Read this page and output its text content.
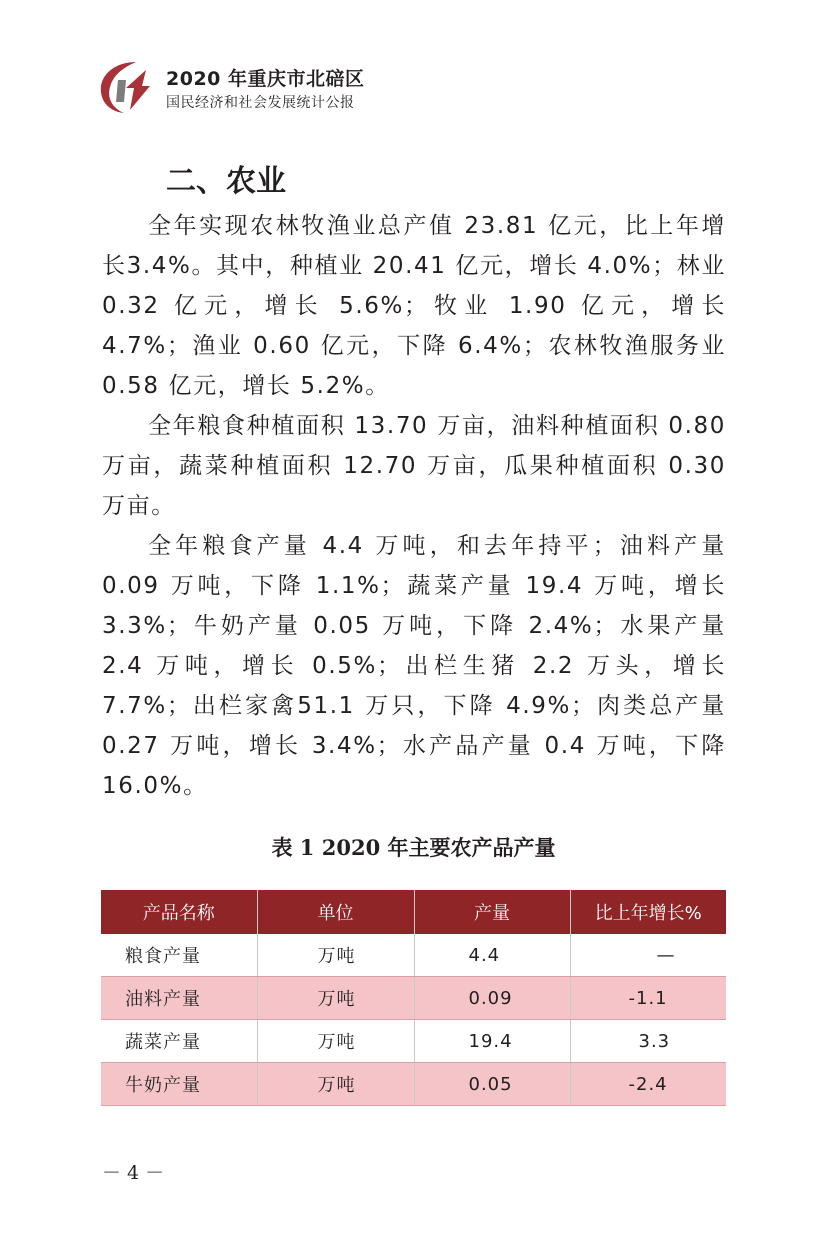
2020 年重庆市北碚区
国民经济和社会发展统计公报
二、农业

全年实现农林牧渔业总产值 23.81 亿元，比上年增长3.4%。其中，种植业 20.41 亿元，增长 4.0%；林业 0.32 亿元，增长 5.6%；牧业 1.90 亿元，增长 4.7%；渔业 0.60 亿元，下降 6.4%；农林牧渔服务业 0.58 亿元，增长 5.2%。

全年粮食种植面积 13.70 万亩，油料种植面积 0.80 万亩，蔬菜种植面积 12.70 万亩，瓜果种植面积 0.30 万亩。

全年粮食产量 4.4 万吨，和去年持平；油料产量 0.09 万吨，下降 1.1%；蔬菜产量 19.4 万吨，增长 3.3%；牛奶产量 0.05 万吨，下降 2.4%；水果产量 2.4 万吨，增长 0.5%；出栏生猪 2.2 万头，增长 7.7%；出栏家禽51.1 万只，下降 4.9%；肉类总产量 0.27 万吨，增长 3.4%；水产品产量 0.4 万吨，下降 16.0%。

表 1 2020 年主要农产品产量
产品名称	单位	产量	比上年增长%
粮食产量	万吨	4.4	—
油料产量	万吨	0.09	-1.1
蔬菜产量	万吨	19.4	3.3
牛奶产量	万吨	0.05	-2.4
－ 4 －
